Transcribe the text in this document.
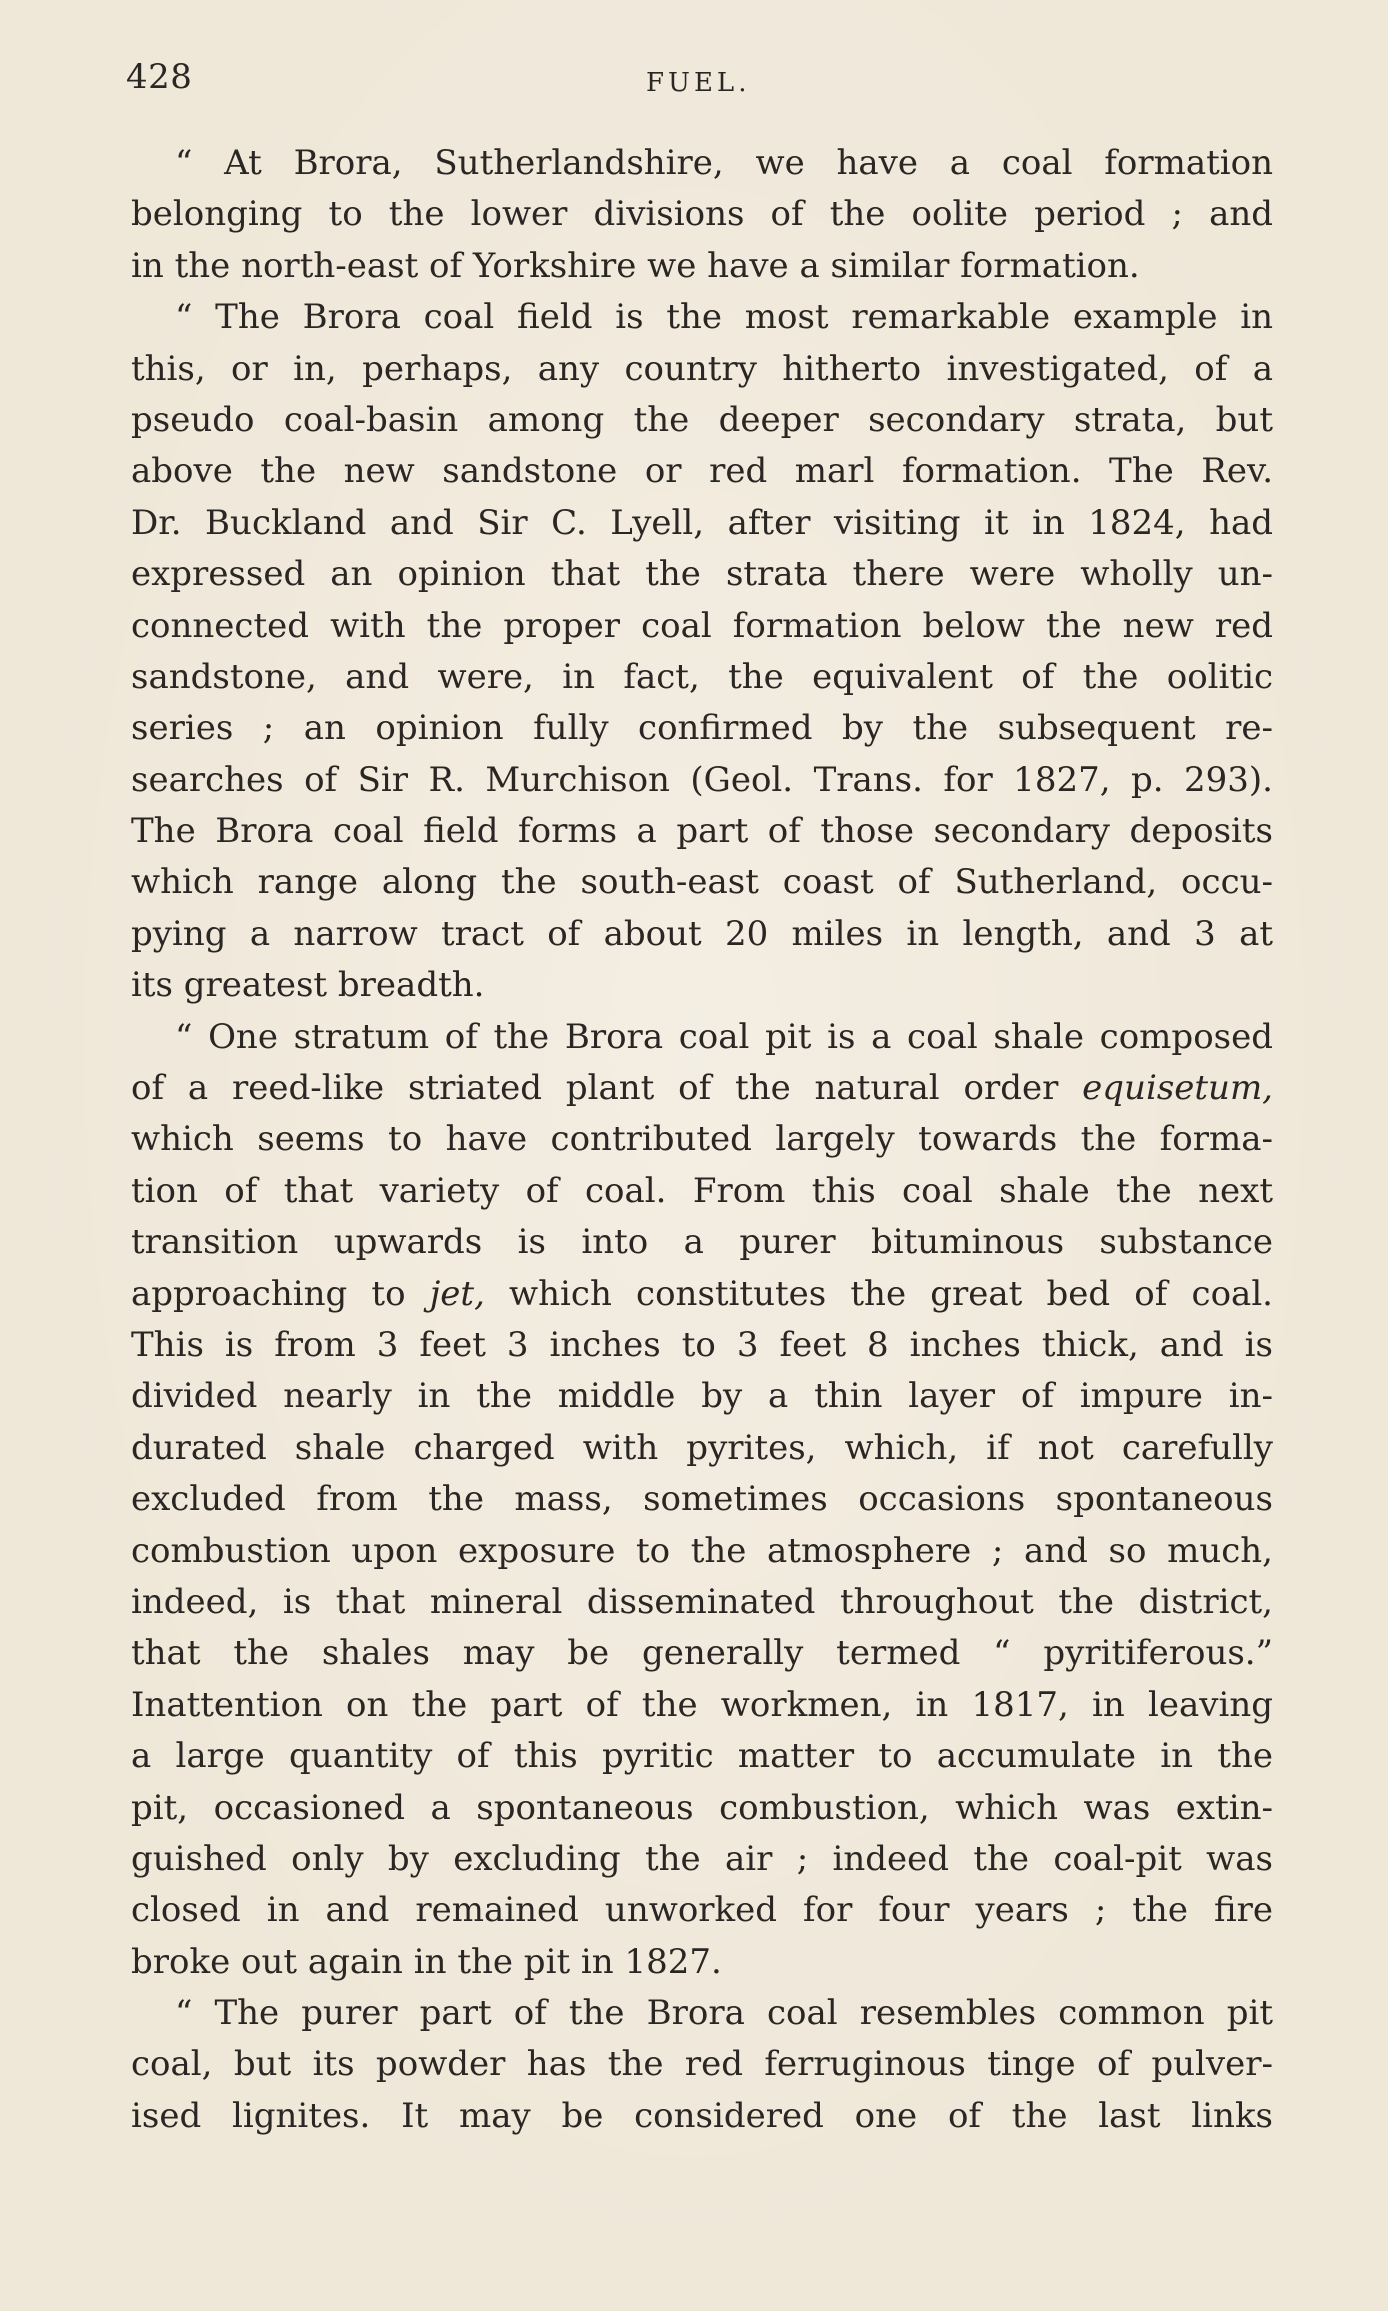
428	FUEL.
“ At Brora, Sutherlandshire, we have a coal formation
belonging to the lower divisions of the oolite period ; and
in the north-east of Yorkshire we have a similar formation.
“ The Brora coal field is the most remarkable example in
this, or in, perhaps, any country hitherto investigated, of a
pseudo coal-basin among the deeper secondary strata, but
above the new sandstone or red marl formation. The Rev.
Dr. Buckland and Sir C. Lyell, after visiting it in 1824, had
expressed an opinion that the strata there were wholly un-
connected with the proper coal formation below the new red
sandstone, and were, in fact, the equivalent of the oolitic
series ; an opinion fully confirmed by the subsequent re-
searches of Sir R. Murchison (Geol. Trans. for 1827, p. 293).
The Brora coal field forms a part of those secondary deposits
which range along the south-east coast of Sutherland, occu-
pying a narrow tract of about 20 miles in length, and 3 at
its greatest breadth.
“ One stratum of the Brora coal pit is a coal shale composed
of a reed-like striated plant of the natural order equisetum,
which seems to have contributed largely towards the forma-
tion of that variety of coal. From this coal shale the next
transition upwards is into a purer bituminous substance
approaching to jet, which constitutes the great bed of coal.
This is from 3 feet 3 inches to 3 feet 8 inches thick, and is
divided nearly in the middle by a thin layer of impure in-
durated shale charged with pyrites, which, if not carefully
excluded from the mass, sometimes occasions spontaneous
combustion upon exposure to the atmosphere ; and so much,
indeed, is that mineral disseminated throughout the district,
that the shales may be generally termed “ pyritiferous.”
Inattention on the part of the workmen, in 1817, in leaving
a large quantity of this pyritic matter to accumulate in the
pit, occasioned a spontaneous combustion, which was extin-
guished only by excluding the air ; indeed the coal-pit was
closed in and remained unworked for four years ; the fire
broke out again in the pit in 1827.
“ The purer part of the Brora coal resembles common pit
coal, but its powder has the red ferruginous tinge of pulver-
ised lignites. It may be considered one of the last links
